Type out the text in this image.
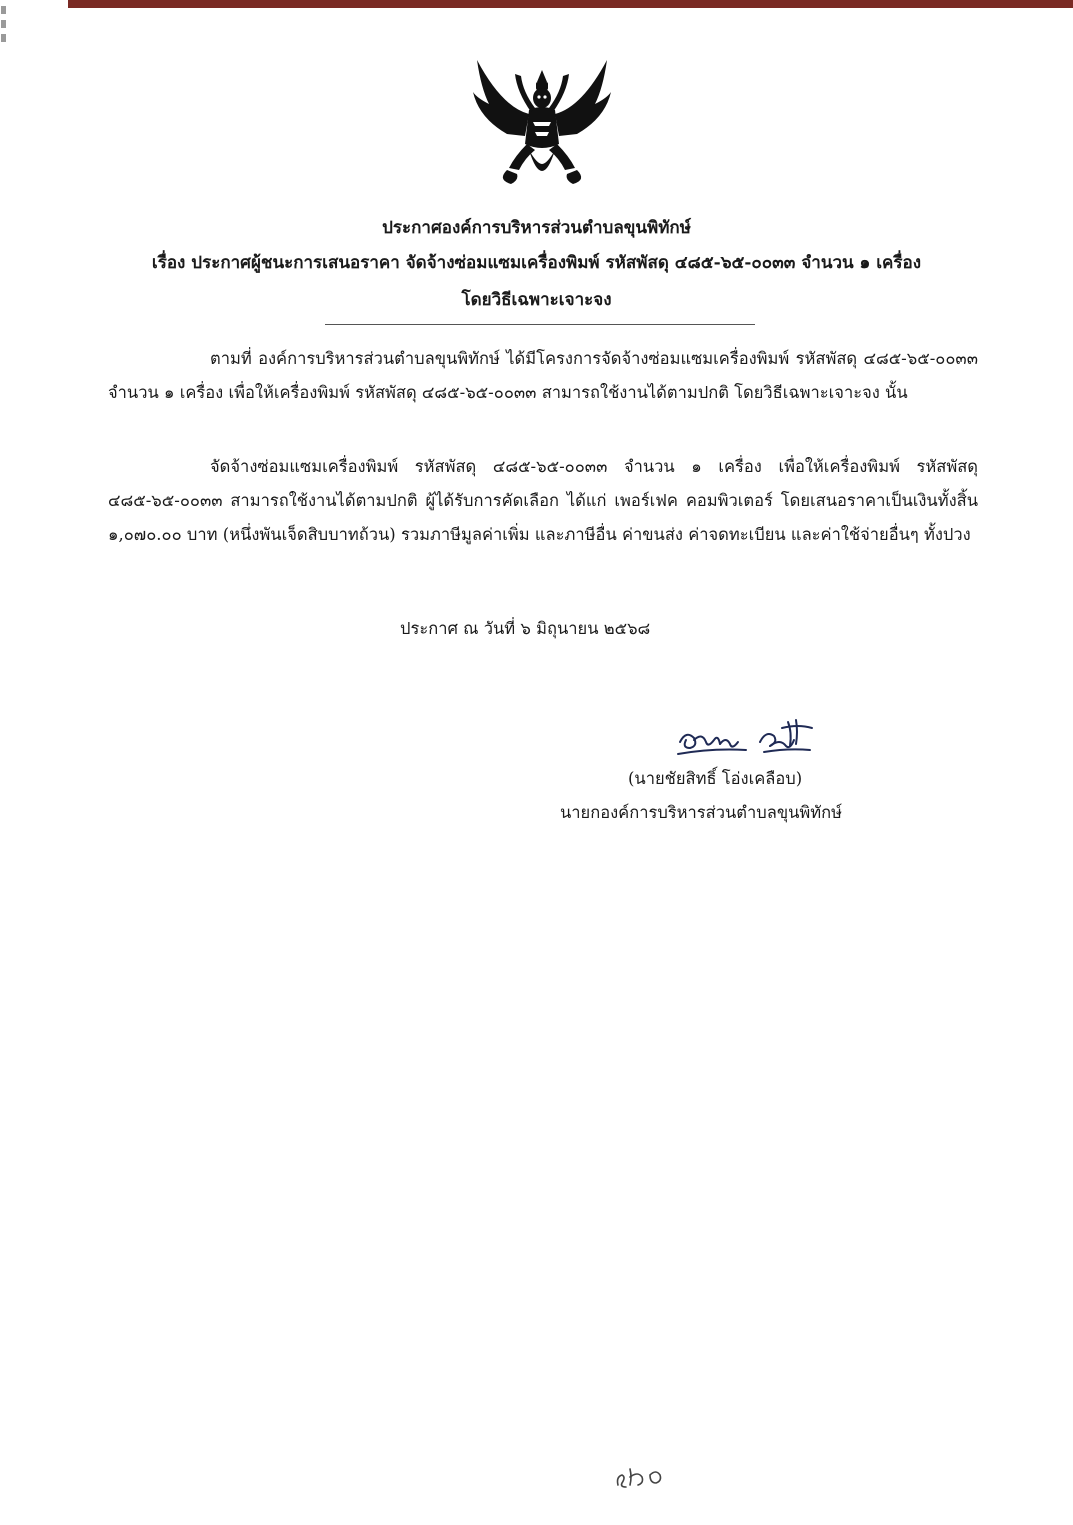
ประกาศองค์การบริหารส่วนตำบลขุนพิทักษ์
เรื่อง ประกาศผู้ชนะการเสนอราคา จัดจ้างซ่อมแซมเครื่องพิมพ์ รหัสพัสดุ ๔๘๕-๖๕-๐๐๓๓ จำนวน ๑ เครื่อง
โดยวิธีเฉพาะเจาะจง

ตามที่ องค์การบริหารส่วนตำบลขุนพิทักษ์ ได้มีโครงการจัดจ้างซ่อมแซมเครื่องพิมพ์ รหัสพัสดุ ๔๘๕-๖๕-๐๐๓๓ จำนวน ๑ เครื่อง เพื่อให้เครื่องพิมพ์ รหัสพัสดุ ๔๘๕-๖๕-๐๐๓๓ สามารถใช้งานได้ตามปกติ โดยวิธีเฉพาะเจาะจง นั้น

จัดจ้างซ่อมแซมเครื่องพิมพ์ รหัสพัสดุ ๔๘๕-๖๕-๐๐๓๓ จำนวน ๑ เครื่อง เพื่อให้เครื่องพิมพ์ รหัสพัสดุ ๔๘๕-๖๕-๐๐๓๓ สามารถใช้งานได้ตามปกติ ผู้ได้รับการคัดเลือก ได้แก่ เพอร์เฟค คอมพิวเตอร์ โดยเสนอราคาเป็นเงินทั้งสิ้น ๑,๐๗๐.๐๐ บาท (หนึ่งพันเจ็ดสิบบาทถ้วน) รวมภาษีมูลค่าเพิ่ม และภาษีอื่น ค่าขนส่ง ค่าจดทะเบียน และค่าใช้จ่ายอื่นๆ ทั้งปวง

ประกาศ ณ วันที่ ๖ มิถุนายน ๒๕๖๘
(นายชัยสิทธิ์ โอ่งเคลือบ)
นายกองค์การบริหารส่วนตำบลขุนพิทักษ์
